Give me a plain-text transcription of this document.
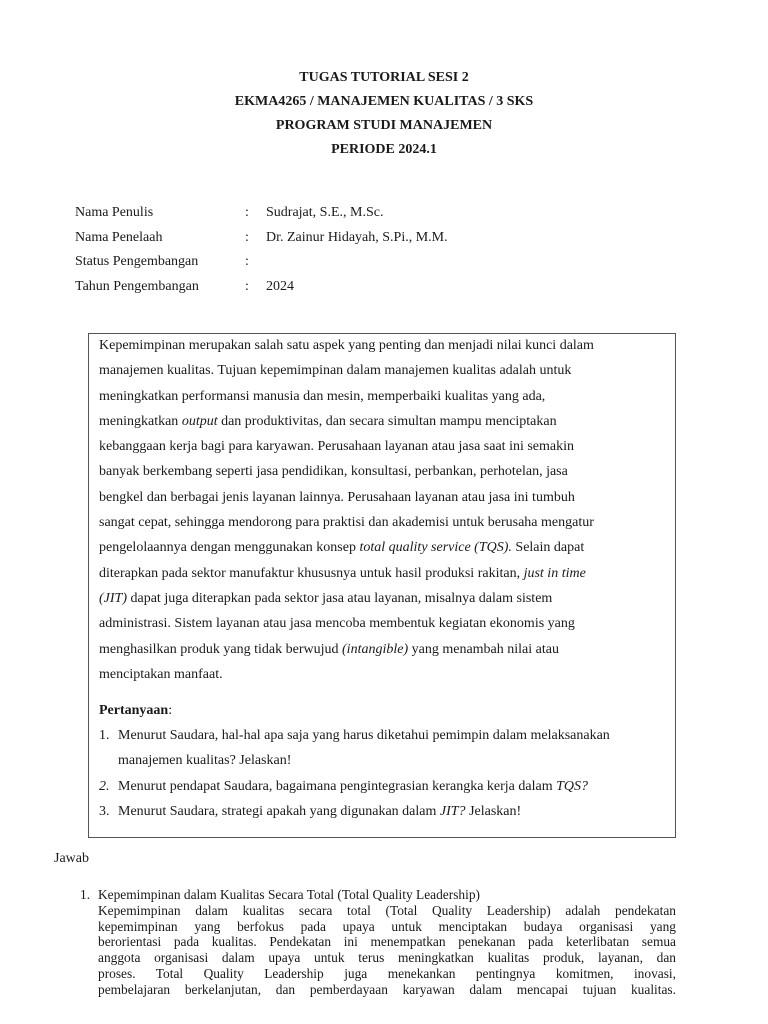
TUGAS TUTORIAL SESI 2
EKMA4265 / MANAJEMEN KUALITAS / 3 SKS
PROGRAM STUDI MANAJEMEN
PERIODE 2024.1
Nama Penulis	:	Sudrajat, S.E., M.Sc.
Nama Penelaah	:	Dr. Zainur Hidayah, S.Pi., M.M.
Status Pengembangan	:
Tahun Pengembangan	:	2024
Kepemimpinan merupakan salah satu aspek yang penting dan menjadi nilai kunci dalam
manajemen kualitas. Tujuan kepemimpinan dalam manajemen kualitas adalah untuk
meningkatkan performansi manusia dan mesin, memperbaiki kualitas yang ada,
meningkatkan output dan produktivitas, dan secara simultan mampu menciptakan
kebanggaan kerja bagi para karyawan. Perusahaan layanan atau jasa saat ini semakin
banyak berkembang seperti jasa pendidikan, konsultasi, perbankan, perhotelan, jasa
bengkel dan berbagai jenis layanan lainnya. Perusahaan layanan atau jasa ini tumbuh
sangat cepat, sehingga mendorong para praktisi dan akademisi untuk berusaha mengatur
pengelolaannya dengan menggunakan konsep total quality service (TQS). Selain dapat
diterapkan pada sektor manufaktur khususnya untuk hasil produksi rakitan, just in time
(JIT) dapat juga diterapkan pada sektor jasa atau layanan, misalnya dalam sistem
administrasi. Sistem layanan atau jasa mencoba membentuk kegiatan ekonomis yang
menghasilkan produk yang tidak berwujud (intangible) yang menambah nilai atau
menciptakan manfaat.
Pertanyaan:
1. Menurut Saudara, hal-hal apa saja yang harus diketahui pemimpin dalam melaksanakan
manajemen kualitas? Jelaskan!
2. Menurut pendapat Saudara, bagaimana pengintegrasian kerangka kerja dalam TQS?
3. Menurut Saudara, strategi apakah yang digunakan dalam JIT? Jelaskan!
Jawab
1. Kepemimpinan dalam Kualitas Secara Total (Total Quality Leadership)
Kepemimpinan dalam kualitas secara total (Total Quality Leadership) adalah pendekatan
kepemimpinan yang berfokus pada upaya untuk menciptakan budaya organisasi yang
berorientasi pada kualitas. Pendekatan ini menempatkan penekanan pada keterlibatan semua
anggota organisasi dalam upaya untuk terus meningkatkan kualitas produk, layanan, dan
proses. Total Quality Leadership juga menekankan pentingnya komitmen, inovasi,
pembelajaran berkelanjutan, dan pemberdayaan karyawan dalam mencapai tujuan kualitas.
